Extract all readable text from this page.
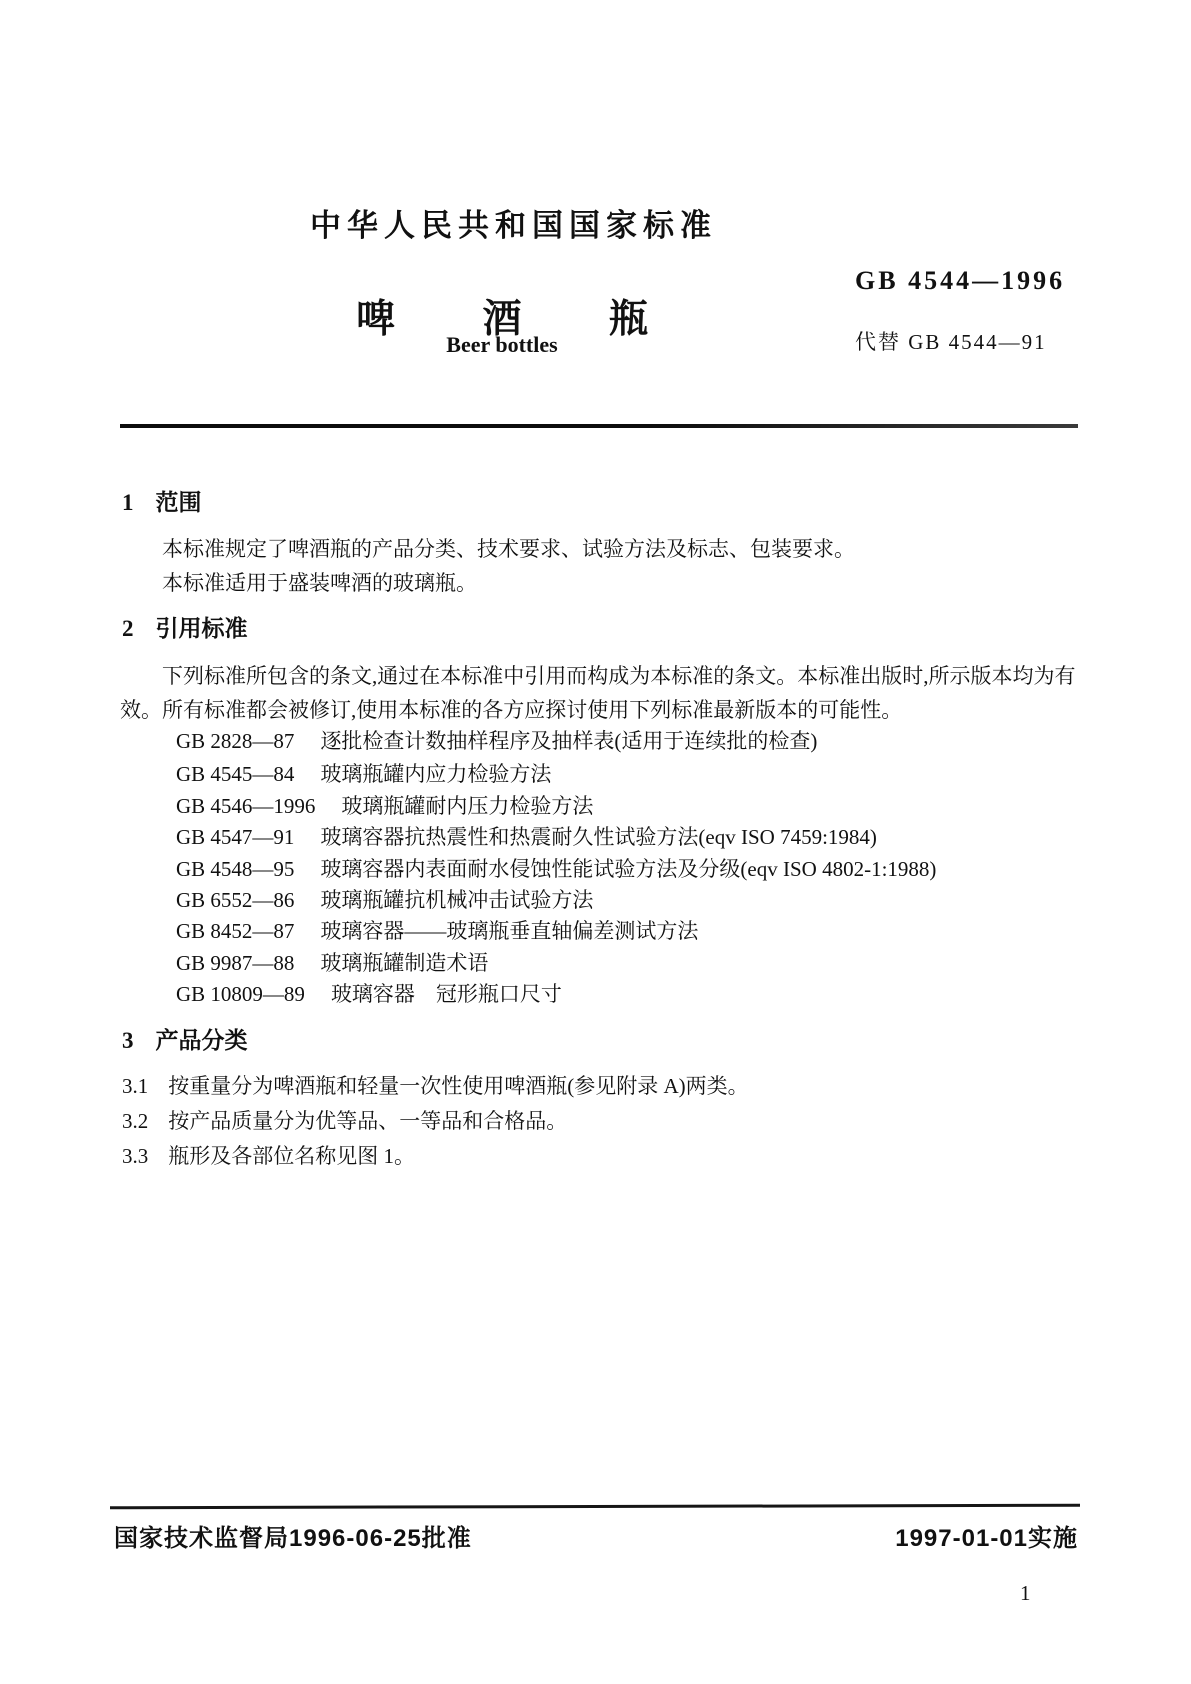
中华人民共和国国家标准
GB 4544—1996
啤 酒 瓶
代替 GB 4544—91
Beer bottles
1 范围
本标准规定了啤酒瓶的产品分类、技术要求、试验方法及标志、包装要求。
本标准适用于盛装啤酒的玻璃瓶。
2 引用标准
下列标准所包含的条文,通过在本标准中引用而构成为本标准的条文。本标准出版时,所示版本均为有效。所有标准都会被修订,使用本标准的各方应探讨使用下列标准最新版本的可能性。
GB 2828—87 逐批检查计数抽样程序及抽样表(适用于连续批的检查)
GB 4545—84 玻璃瓶罐内应力检验方法
GB 4546—1996 玻璃瓶罐耐内压力检验方法
GB 4547—91 玻璃容器抗热震性和热震耐久性试验方法(eqv ISO 7459:1984)
GB 4548—95 玻璃容器内表面耐水侵蚀性能试验方法及分级(eqv ISO 4802-1:1988)
GB 6552—86 玻璃瓶罐抗机械冲击试验方法
GB 8452—87 玻璃容器——玻璃瓶垂直轴偏差测试方法
GB 9987—88 玻璃瓶罐制造术语
GB 10809—89 玻璃容器　冠形瓶口尺寸
3 产品分类
3.1 按重量分为啤酒瓶和轻量一次性使用啤酒瓶(参见附录 A)两类。
3.2 按产品质量分为优等品、一等品和合格品。
3.3 瓶形及各部位名称见图 1。
国家技术监督局1996-06-25批准	1997-01-01实施
1
